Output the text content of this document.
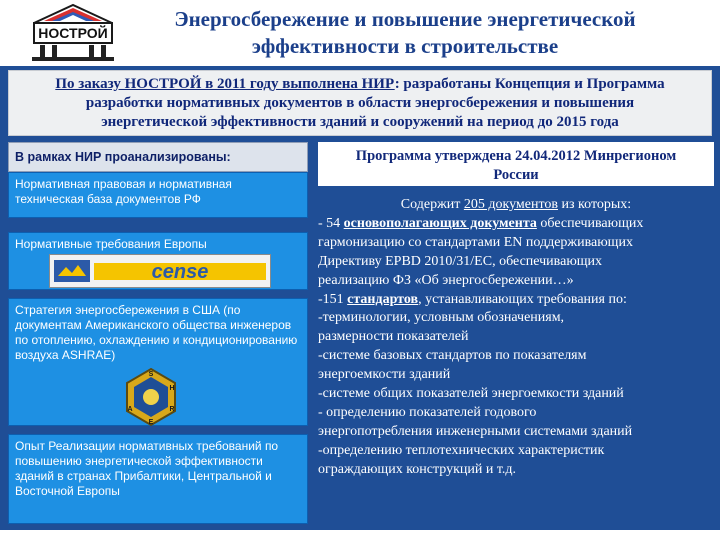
НОСТРОЙ
Энергосбережение и повышение энергетической
эффективности в строительстве
По заказу НОСТРОЙ в 2011 году выполнена НИР: разработаны Концепция и Программа
разработки нормативных документов в области энергосбережения и повышения
энергетической эффективности зданий и сооружений на период до 2015 года
В рамках НИР проанализированы:
Нормативная правовая и нормативная техническая база документов РФ
Нормативные требования Европы
cense
Стратегия энергосбережения в США (по документам Американского общества инженеров по отоплению, охлаждению и кондиционированию воздуха ASHRAE)
S
H
R
A
E
Опыт Реализации нормативных требований по повышению энергетической эффективности зданий в странах Прибалтики, Центральной и Восточной Европы
Программа утверждена 24.04.2012 Минрегионом
России
Содержит 205 документов из которых:
- 54 основополагающих документа обеспечивающих
гармонизацию со стандартами EN поддерживающих
Директиву EPBD 2010/31/EC, обеспечивающих
реализацию ФЗ «Об энергосбережении…»
-151 стандартов, устанавливающих требования по:
-терминологии, условным обозначениям,
размерности показателей
-системе базовых стандартов по показателям
энергоемкости зданий
-системе общих показателей энергоемкости зданий
- определению показателей годового
энергопотребления инженерными системами зданий
-определению теплотехнических характеристик
ограждающих конструкций и т.д.
